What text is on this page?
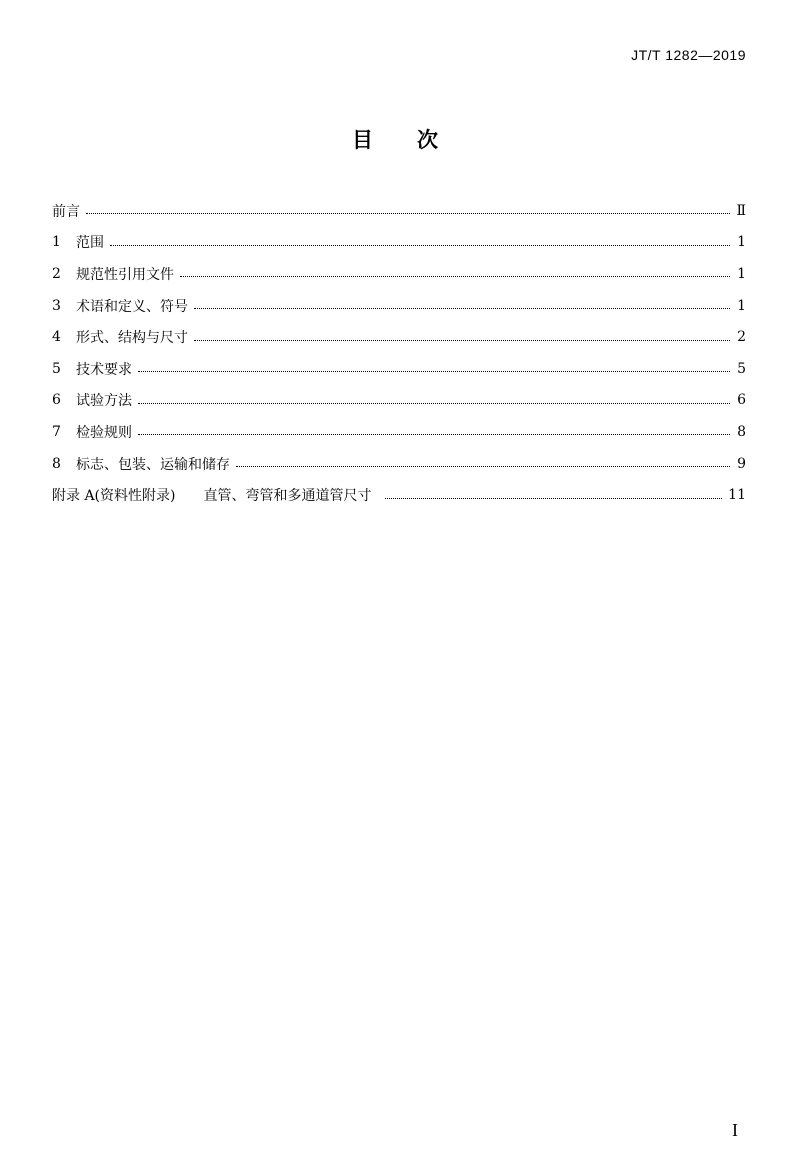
JT/T 1282—2019
目 次
前言	Ⅱ
1	范围	1
2	规范性引用文件	1
3	术语和定义、符号	1
4	形式、结构与尺寸	2
5	技术要求	5
6	试验方法	6
7	检验规则	8
8	标志、包装、运输和储存	9
附录 A(资料性附录)	直管、弯管和多通道管尺寸	11
I
